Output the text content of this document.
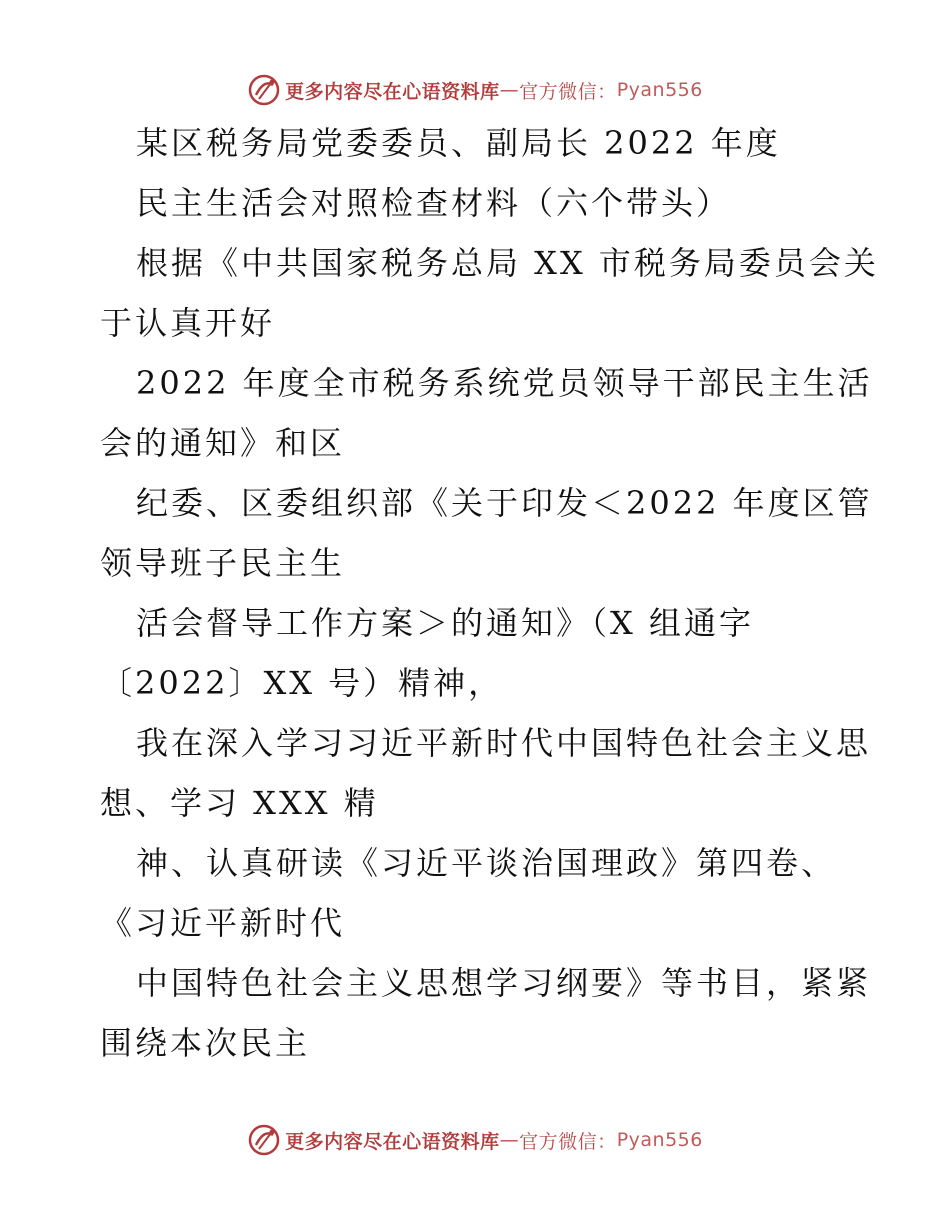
更多内容尽在心语资料库 — 官方微信： Pyan556
某区税务局党委委员、副局长 2022 年度
民主生活会对照检查材料（六个带头）
根据《中共国家税务总局 XX 市税务局委员会关
于认真开好
2022 年度全市税务系统党员领导干部民主生活
会的通知》和区
纪委、区委组织部《关于印发＜2022 年度区管
领导班子民主生
活会督导工作方案＞的通知》（X 组通字
〔2022〕XX 号）精神，
我在深入学习习近平新时代中国特色社会主义思
想、学习 XXX 精
神、认真研读《习近平谈治国理政》第四卷、
《习近平新时代
中国特色社会主义思想学习纲要》等书目，紧紧
围绕本次民主
更多内容尽在心语资料库 — 官方微信： Pyan556
